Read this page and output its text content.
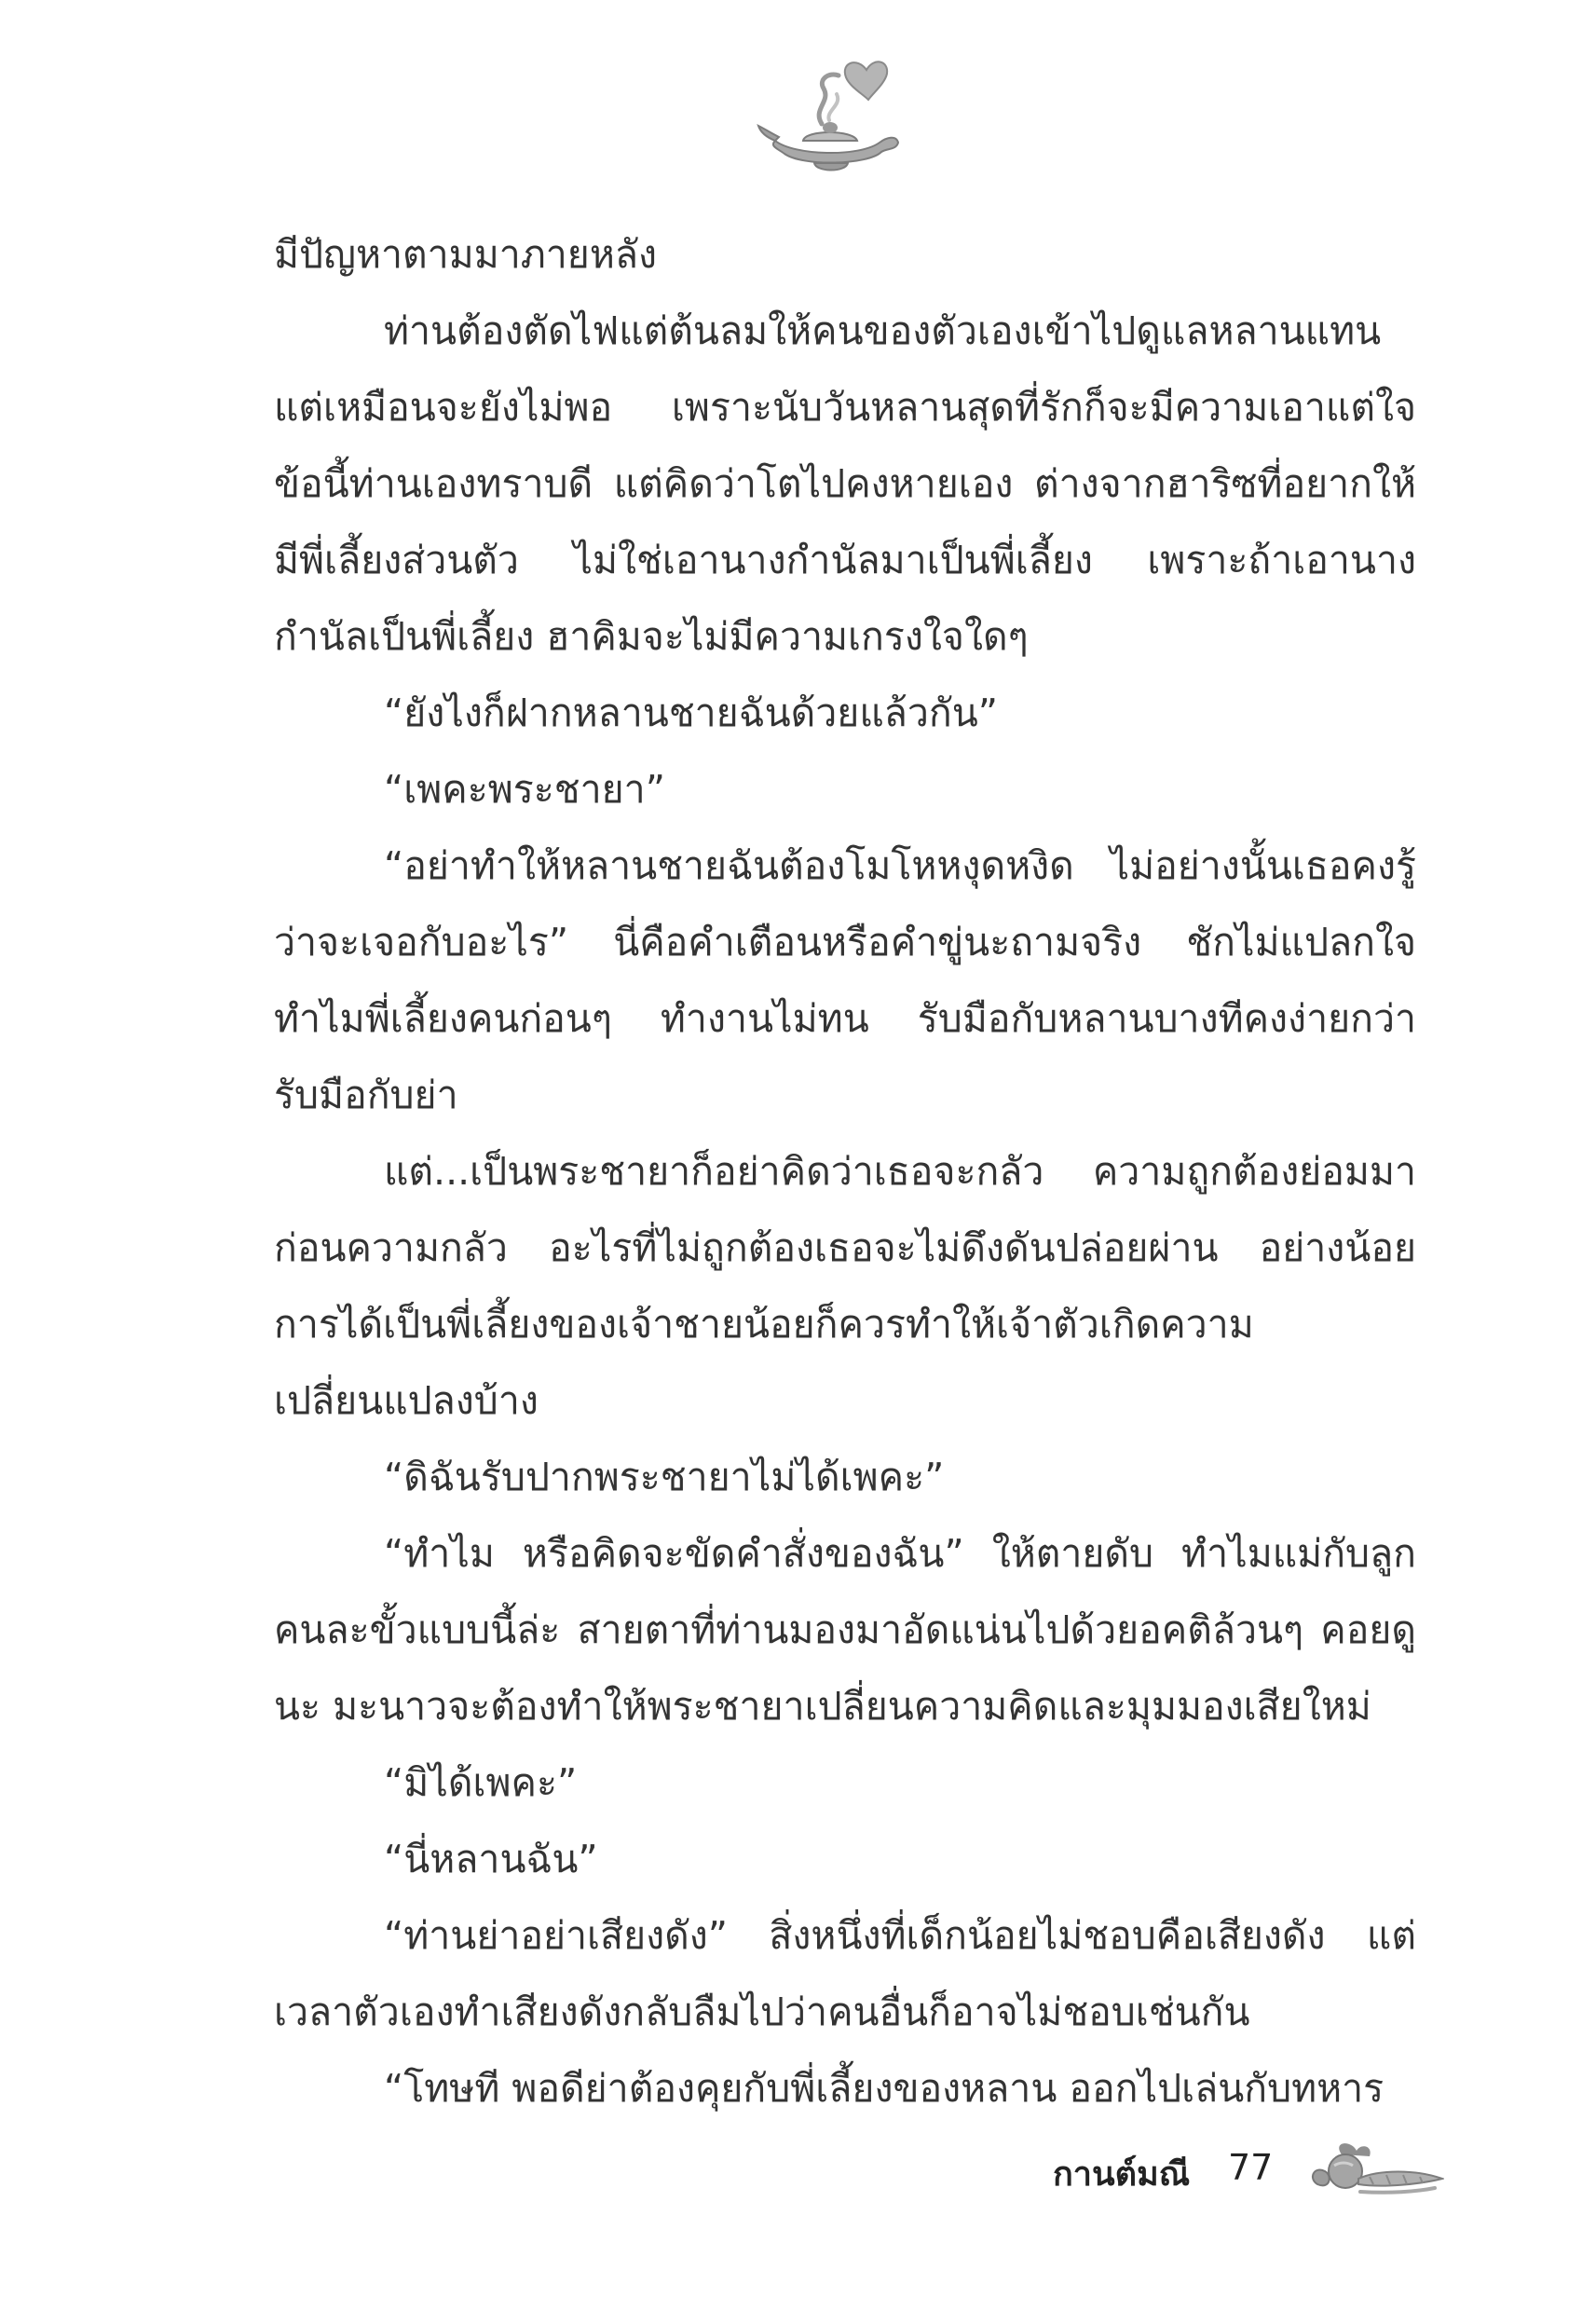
มีปัญหาตามมาภายหลัง

ท่านต้องตัดไฟแต่ต้นลมให้คนของตัวเองเข้าไปดูแลหลานแทน แต่เหมือนจะยังไม่พอ เพราะนับวันหลานสุดที่รักก็จะมีความเอาแต่ใจ ข้อนี้ท่านเองทราบดี แต่คิดว่าโตไปคงหายเอง ต่างจากฮาริซที่อยากให้มีพี่เลี้ยงส่วนตัว ไม่ใช่เอานางกำนัลมาเป็นพี่เลี้ยง เพราะถ้าเอานางกำนัลเป็นพี่เลี้ยง ฮาคิมจะไม่มีความเกรงใจใดๆ

“ยังไงก็ฝากหลานชายฉันด้วยแล้วกัน”

“เพคะพระชายา”

“อย่าทำให้หลานชายฉันต้องโมโหหงุดหงิด ไม่อย่างนั้นเธอคงรู้ว่าจะเจอกับอะไร” นี่คือคำเตือนหรือคำขู่นะถามจริง ชักไม่แปลกใจ ทำไมพี่เลี้ยงคนก่อนๆ ทำงานไม่ทน รับมือกับหลานบางทีคงง่ายกว่ารับมือกับย่า

แต่...เป็นพระชายาก็อย่าคิดว่าเธอจะกลัว ความถูกต้องย่อมมาก่อนความกลัว อะไรที่ไม่ถูกต้องเธอจะไม่ดึงดันปล่อยผ่าน อย่างน้อยการได้เป็นพี่เลี้ยงของเจ้าชายน้อยก็ควรทำให้เจ้าตัวเกิดความเปลี่ยนแปลงบ้าง

“ดิฉันรับปากพระชายาไม่ได้เพคะ”

“ทำไม หรือคิดจะขัดคำสั่งของฉัน” ให้ตายดับ ทำไมแม่กับลูกคนละขั้วแบบนี้ล่ะ สายตาที่ท่านมองมาอัดแน่นไปด้วยอคติล้วนๆ คอยดูนะ มะนาวจะต้องทำให้พระชายาเปลี่ยนความคิดและมุมมองเสียใหม่

“มิได้เพคะ”

“นี่หลานฉัน”

“ท่านย่าอย่าเสียงดัง” สิ่งหนึ่งที่เด็กน้อยไม่ชอบคือเสียงดัง แต่เวลาตัวเองทำเสียงดังกลับลืมไปว่าคนอื่นก็อาจไม่ชอบเช่นกัน

“โทษที พอดีย่าต้องคุยกับพี่เลี้ยงของหลาน ออกไปเล่นกับทหาร

กานต์มณี 77
